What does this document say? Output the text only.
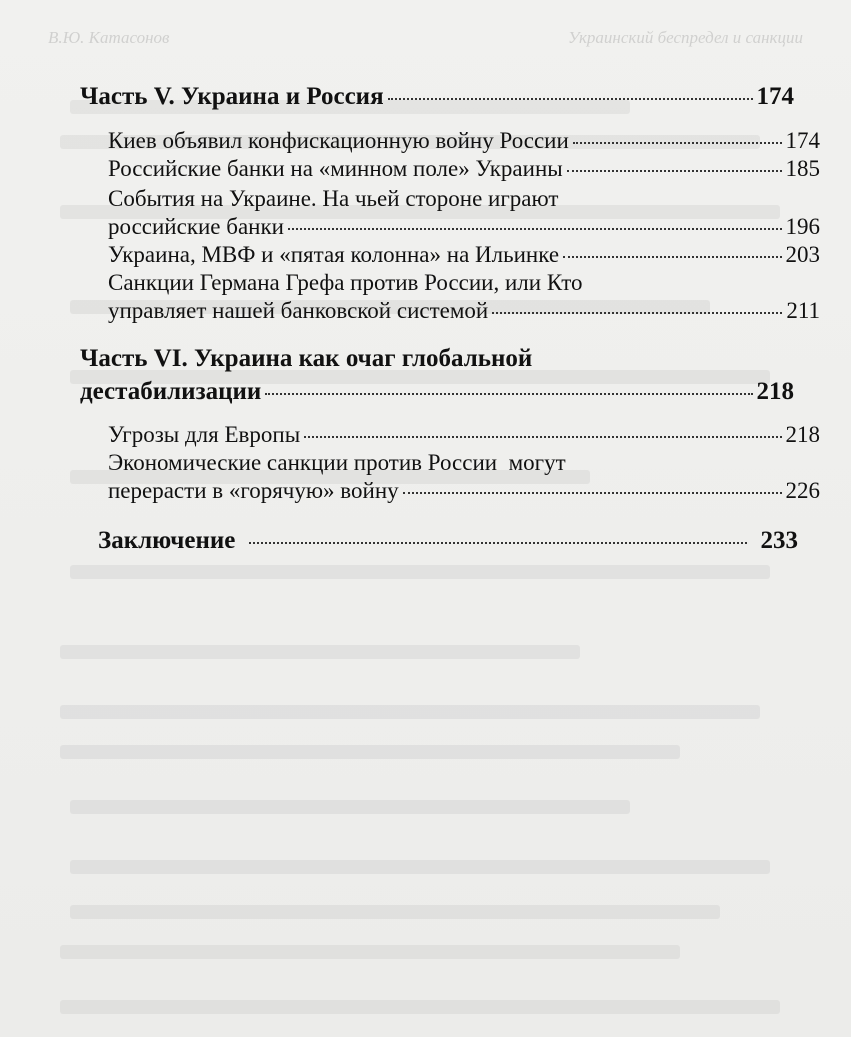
В.Ю. Катасонов	Украинский беспредел и санкции
Часть V. Украина и Россия	174
Киев объявил конфискационную войну России	174
Российские банки на «минном поле» Украины	185
События на Украине. На чьей стороне играют
российские банки	196
Украина, МВФ и «пятая колонна» на Ильинке	203
Санкции Германа Грефа против России, или Кто
управляет нашей банковской системой	211
Часть VI. Украина как очаг глобальной
дестабилизации	218
Угрозы для Европы	218
Экономические санкции против России  могут
перерасти в «горячую» войну	226
Заключение	233
